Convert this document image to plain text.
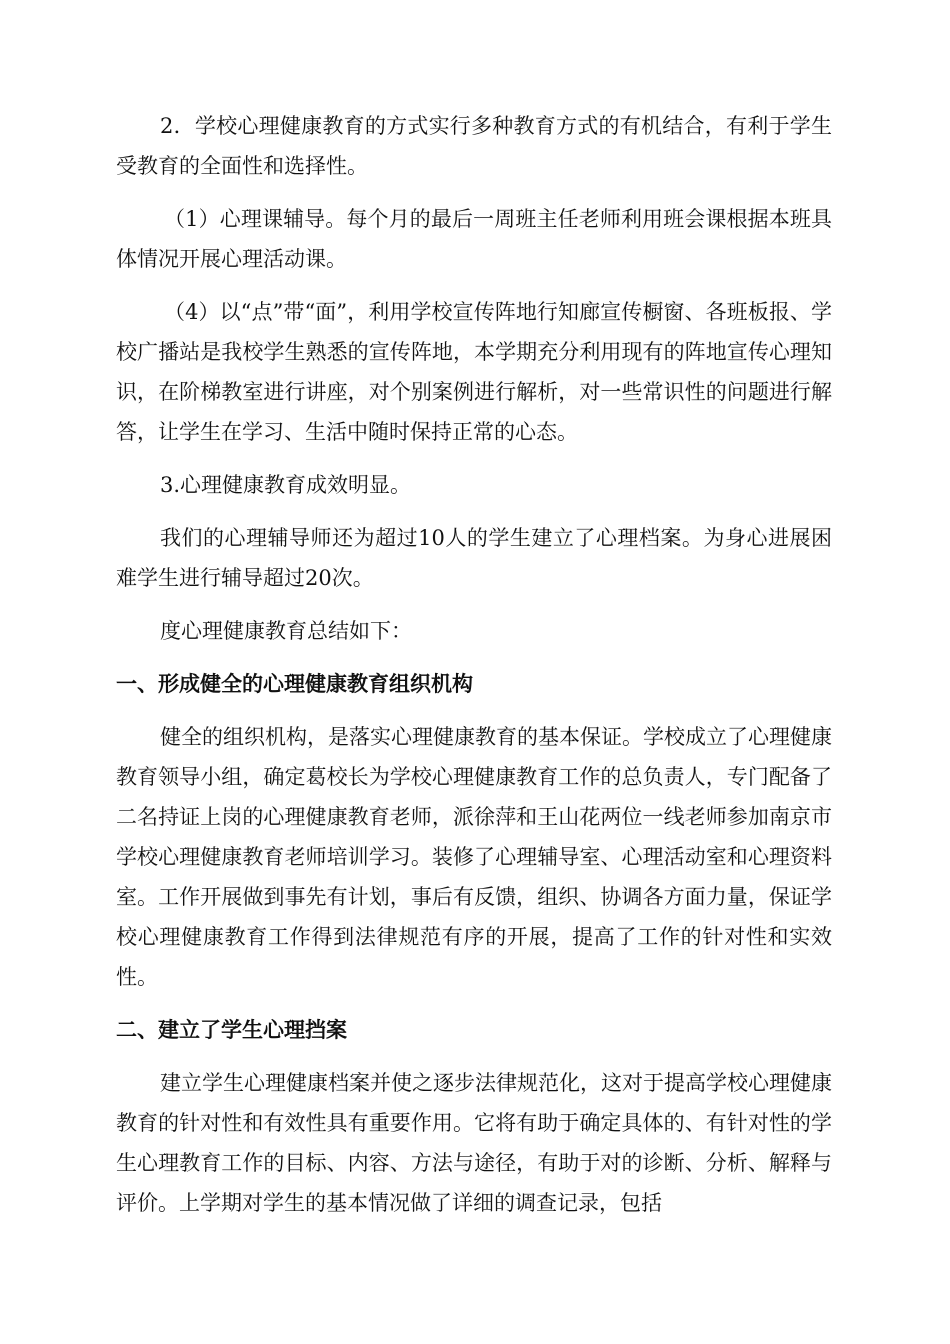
2．学校心理健康教育的方式实行多种教育方式的有机结合，有利于学生受教育的全面性和选择性。

（1）心理课辅导。每个月的最后一周班主任老师利用班会课根据本班具体情况开展心理活动课。

（4）以“点”带“面”，利用学校宣传阵地行知廊宣传橱窗、各班板报、学校广播站是我校学生熟悉的宣传阵地，本学期充分利用现有的阵地宣传心理知识，在阶梯教室进行讲座，对个别案例进行解析，对一些常识性的问题进行解答，让学生在学习、生活中随时保持正常的心态。

3.心理健康教育成效明显。

我们的心理辅导师还为超过10人的学生建立了心理档案。为身心进展困难学生进行辅导超过20次。

度心理健康教育总结如下：

一、形成健全的心理健康教育组织机构

健全的组织机构，是落实心理健康教育的基本保证。学校成立了心理健康教育领导小组，确定葛校长为学校心理健康教育工作的总负责人，专门配备了二名持证上岗的心理健康教育老师，派徐萍和王山花两位一线老师参加南京市学校心理健康教育老师培训学习。装修了心理辅导室、心理活动室和心理资料室。工作开展做到事先有计划，事后有反馈，组织、协调各方面力量，保证学校心理健康教育工作得到法律规范有序的开展，提高了工作的针对性和实效性。

二、建立了学生心理挡案

建立学生心理健康档案并使之逐步法律规范化，这对于提高学校心理健康教育的针对性和有效性具有重要作用。它将有助于确定具体的、有针对性的学生心理教育工作的目标、内容、方法与途径，有助于对的诊断、分析、解释与评价。上学期对学生的基本情况做了详细的调查记录，包括
